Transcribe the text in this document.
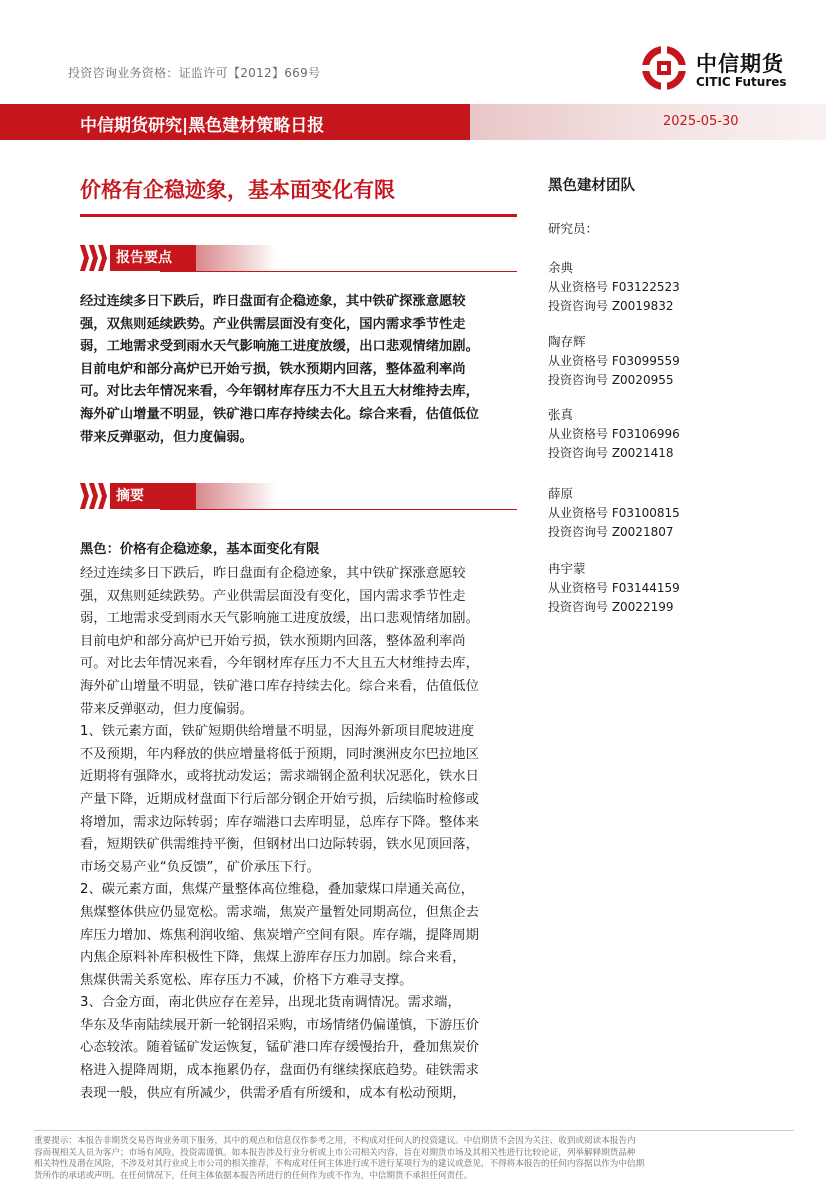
投资咨询业务资格：证监许可【2012】669号	中信期货
CITIC Futures
中信期货研究|黑色建材策略日报	2025-05-30
价格有企稳迹象，基本面变化有限
报告要点
经过连续多日下跌后，昨日盘面有企稳迹象，其中铁矿探涨意愿较
强，双焦则延续跌势。产业供需层面没有变化，国内需求季节性走
弱，工地需求受到雨水天气影响施工进度放缓，出口悲观情绪加剧。
目前电炉和部分高炉已开始亏损，铁水预期内回落，整体盈利率尚
可。对比去年情况来看，今年钢材库存压力不大且五大材维持去库，
海外矿山增量不明显，铁矿港口库存持续去化。综合来看，估值低位
带来反弹驱动，但力度偏弱。
摘要
黑色：价格有企稳迹象，基本面变化有限
经过连续多日下跌后，昨日盘面有企稳迹象，其中铁矿探涨意愿较
强，双焦则延续跌势。产业供需层面没有变化，国内需求季节性走
弱，工地需求受到雨水天气影响施工进度放缓，出口悲观情绪加剧。
目前电炉和部分高炉已开始亏损，铁水预期内回落，整体盈利率尚
可。对比去年情况来看，今年钢材库存压力不大且五大材维持去库，
海外矿山增量不明显，铁矿港口库存持续去化。综合来看，估值低位
带来反弹驱动，但力度偏弱。
1、铁元素方面，铁矿短期供给增量不明显，因海外新项目爬坡进度
不及预期，年内释放的供应增量将低于预期，同时澳洲皮尔巴拉地区
近期将有强降水，或将扰动发运；需求端钢企盈利状况恶化，铁水日
产量下降，近期成材盘面下行后部分钢企开始亏损，后续临时检修或
将增加，需求边际转弱；库存端港口去库明显，总库存下降。整体来
看，短期铁矿供需维持平衡，但钢材出口边际转弱，铁水见顶回落，
市场交易产业“负反馈”，矿价承压下行。
2、碳元素方面，焦煤产量整体高位维稳，叠加蒙煤口岸通关高位，
焦煤整体供应仍显宽松。需求端，焦炭产量暂处同期高位，但焦企去
库压力增加、炼焦利润收缩、焦炭增产空间有限。库存端，提降周期
内焦企原料补库积极性下降，焦煤上游库存压力加剧。综合来看，
焦煤供需关系宽松、库存压力不减，价格下方难寻支撑。
3、合金方面，南北供应存在差异，出现北货南调情况。需求端，
华东及华南陆续展开新一轮钢招采购，市场情绪仍偏谨慎，下游压价
心态较浓。随着锰矿发运恢复，锰矿港口库存缓慢抬升，叠加焦炭价
格进入提降周期，成本拖累仍存，盘面仍有继续探底趋势。硅铁需求
表现一般，供应有所减少，供需矛盾有所缓和，成本有松动预期，
黑色建材团队
研究员：
余典
从业资格号 F03122523
投资咨询号 Z0019832
陶存辉
从业资格号 F03099559
投资咨询号 Z0020955
张真
从业资格号 F03106996
投资咨询号 Z0021418
薛原
从业资格号 F03100815
投资咨询号 Z0021807
冉宇蒙
从业资格号 F03144159
投资咨询号 Z0022199
重要提示：本报告非期货交易咨询业务项下服务，其中的观点和信息仅作参考之用，不构成对任何人的投资建议。中信期货不会因为关注、收到或阅读本报告内
容而视相关人员为客户；市场有风险，投资需谨慎。如本报告涉及行业分析或上市公司相关内容，旨在对期货市场及其相关性进行比较论证，列举解释期货品种
相关特性及潜在风险，不涉及对其行业或上市公司的相关推荐，不构成对任何主体进行或不进行某项行为的建议或意见，不得将本报告的任何内容据以作为中信期
货所作的承诺或声明。在任何情况下，任何主体依据本报告所进行的任何作为或不作为，中信期货不承担任何责任。
